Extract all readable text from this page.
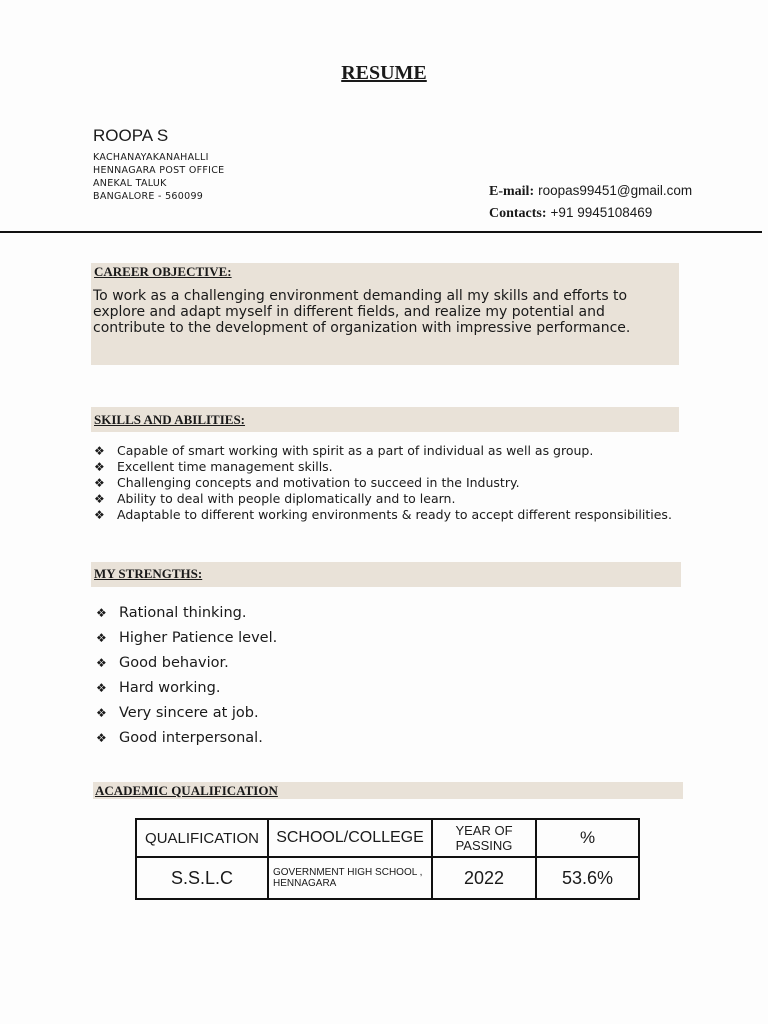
RESUME
ROOPA S
KACHANAYAKANAHALLI
HENNAGARA POST OFFICE
ANEKAL TALUK
BANGALORE - 560099	E-mail: roopas99451@gmail.com
Contacts: +91 9945108469
CAREER OBJECTIVE:
To work as a challenging environment demanding all my skills and efforts to explore and adapt myself in different fields, and realize my potential and contribute to the development of organization with impressive performance.
SKILLS AND ABILITIES:
❖ Capable of smart working with spirit as a part of individual as well as group.
❖ Excellent time management skills.
❖ Challenging concepts and motivation to succeed in the Industry.
❖ Ability to deal with people diplomatically and to learn.
❖ Adaptable to different working environments & ready to accept different responsibilities.
MY STRENGTHS:
❖ Rational thinking.
❖ Higher Patience level.
❖ Good behavior.
❖ Hard working.
❖ Very sincere at job.
❖ Good interpersonal.
ACADEMIC QUALIFICATION
QUALIFICATION	SCHOOL/COLLEGE	YEAR OF PASSING	%
S.S.L.C	GOVERNMENT HIGH SCHOOL , HENNAGARA	2022	53.6%
